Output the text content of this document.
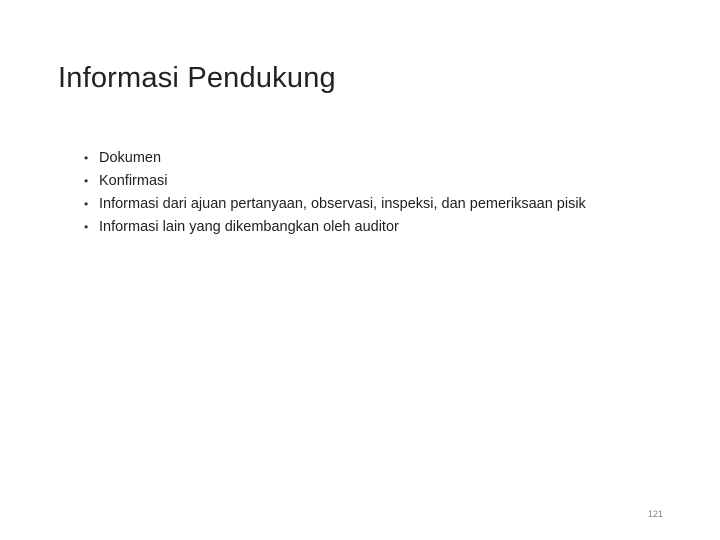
Informasi Pendukung
• Dokumen
• Konfirmasi
• Informasi dari ajuan pertanyaan, observasi, inspeksi, dan pemeriksaan pisik
• Informasi lain yang dikembangkan oleh auditor
121
